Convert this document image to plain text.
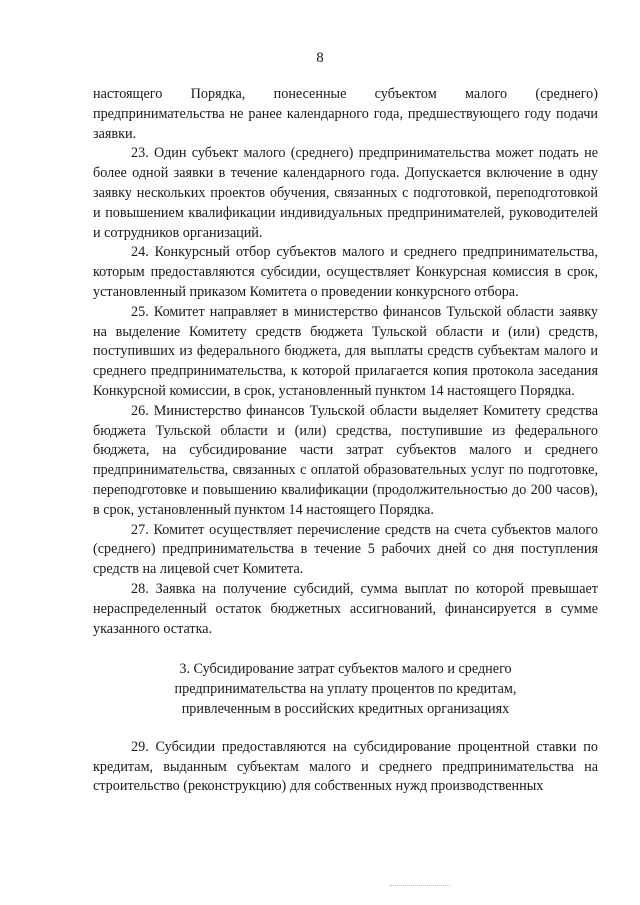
8

настоящего Порядка, понесенные субъектом малого (среднего) предпринимательства не ранее календарного года, предшествующего году подачи заявки.

23. Один субъект малого (среднего) предпринимательства может подать не более одной заявки в течение календарного года. Допускается включение в одну заявку нескольких проектов обучения, связанных с подготовкой, переподготовкой и повышением квалификации индивидуальных предпринимателей, руководителей и сотрудников организаций.

24. Конкурсный отбор субъектов малого и среднего предпринимательства, которым предоставляются субсидии, осуществляет Конкурсная комиссия в срок, установленный приказом Комитета о проведении конкурсного отбора.

25. Комитет направляет в министерство финансов Тульской области заявку на выделение Комитету средств бюджета Тульской области и (или) средств, поступивших из федерального бюджета, для выплаты средств субъектам малого и среднего предпринимательства, к которой прилагается копия протокола заседания Конкурсной комиссии, в срок, установленный пунктом 14 настоящего Порядка.

26. Министерство финансов Тульской области выделяет Комитету средства бюджета Тульской области и (или) средства, поступившие из федерального бюджета, на субсидирование части затрат субъектов малого и среднего предпринимательства, связанных с оплатой образовательных услуг по подготовке, переподготовке и повышению квалификации (продолжительностью до 200 часов), в срок, установленный пунктом 14 настоящего Порядка.

27. Комитет осуществляет перечисление средств на счета субъектов малого (среднего) предпринимательства в течение 5 рабочих дней со дня поступления средств на лицевой счет Комитета.

28. Заявка на получение субсидий, сумма выплат по которой превышает нераспределенный остаток бюджетных ассигнований, финансируется в сумме указанного остатка.

3. Субсидирование затрат субъектов малого и среднего
предпринимательства на уплату процентов по кредитам,
привлеченным в российских кредитных организациях

29. Субсидии предоставляются на субсидирование процентной ставки по кредитам, выданным субъектам малого и среднего предпринимательства на строительство (реконструкцию) для собственных нужд производственных
